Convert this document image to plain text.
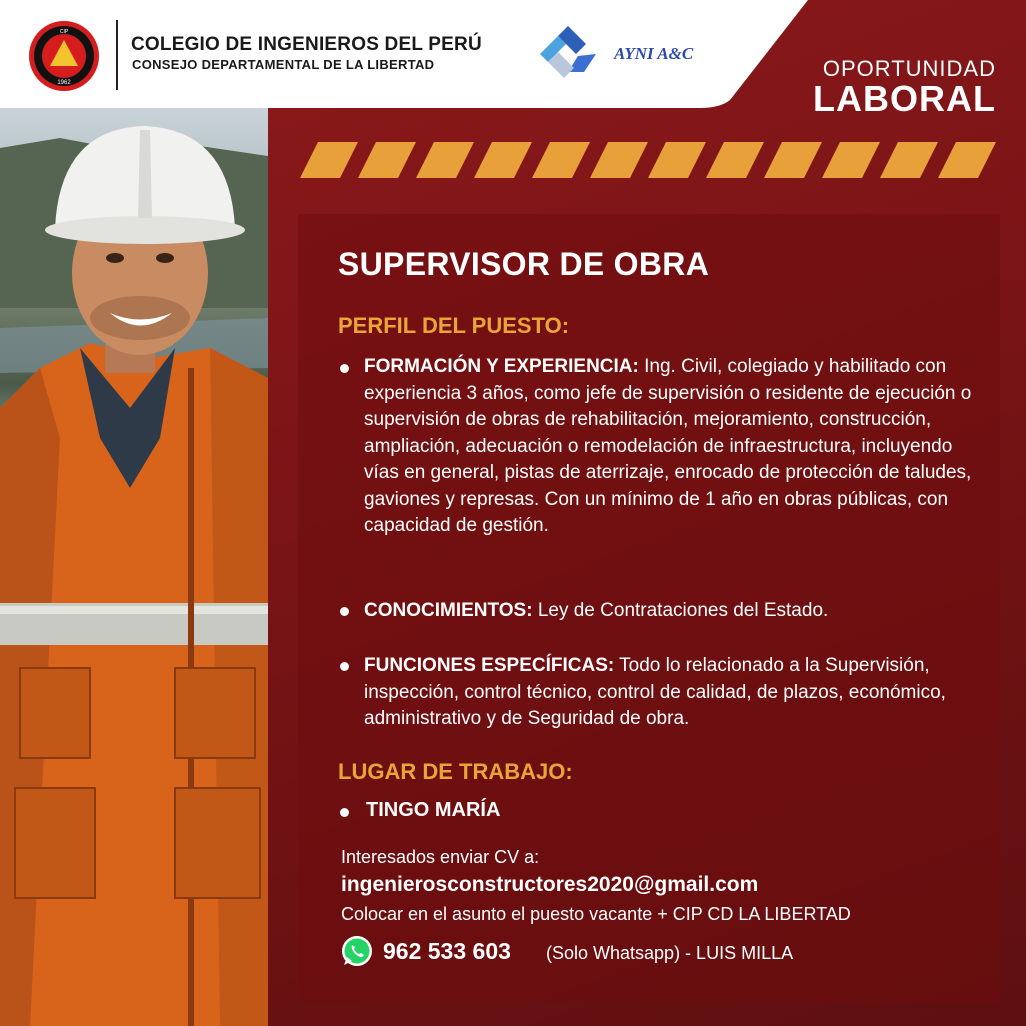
CIP
1962
COLEGIO DE INGENIEROS DEL PERÚ
CONSEJO DEPARTAMENTAL DE LA LIBERTAD
AYNI A&C
OPORTUNIDAD
LABORAL
SUPERVISOR DE OBRA
PERFIL DEL PUESTO:
FORMACIÓN Y EXPERIENCIA: Ing. Civil, colegiado y habilitado con experiencia 3 años, como jefe de supervisión o residente de ejecución o supervisión de obras de rehabilitación, mejoramiento, construcción, ampliación, adecuación o remodelación de infraestructura, incluyendo vías en general, pistas de aterrizaje, enrocado de protección de taludes, gaviones y represas. Con un mínimo de 1 año en obras públicas, con capacidad de gestión.
CONOCIMIENTOS: Ley de Contrataciones del Estado.
FUNCIONES ESPECÍFICAS: Todo lo relacionado a la Supervisión, inspección, control técnico, control de calidad, de plazos, económico, administrativo y de Seguridad de obra.
LUGAR DE TRABAJO:
TINGO MARÍA
Interesados enviar CV a:
ingenierosconstructores2020@gmail.com
Colocar en el asunto el puesto vacante + CIP CD LA LIBERTAD
962 533 603 (Solo Whatsapp) - LUIS MILLA
